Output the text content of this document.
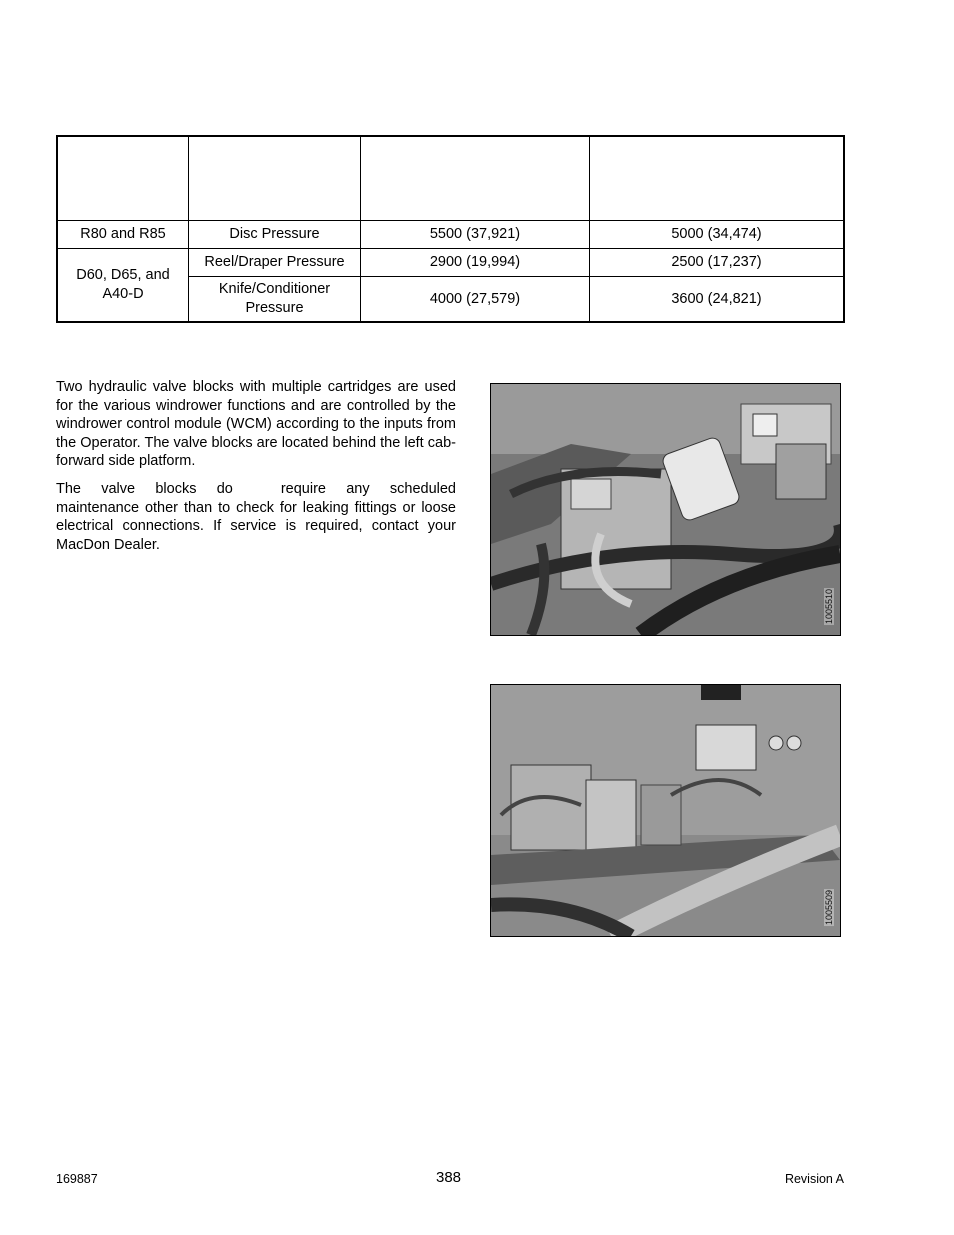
R80 and R85	Disc Pressure	5500 (37,921)	5000 (34,474)
D60, D65, and A40-D	Reel/Draper Pressure	2900 (19,994)	2500 (17,237)
	Knife/Conditioner Pressure	4000 (27,579)	3600 (24,821)

Two hydraulic valve blocks with multiple cartridges are used for the various windrower functions and are controlled by the windrower control module (WCM) according to the inputs from the Operator. The valve blocks are located behind the left cab-forward side platform.

The valve blocks do	require any scheduled maintenance other than to check for leaking fittings or loose electrical connections. If service is required, contact your MacDon Dealer.

1005510
1005509
169887	388	Revision A
